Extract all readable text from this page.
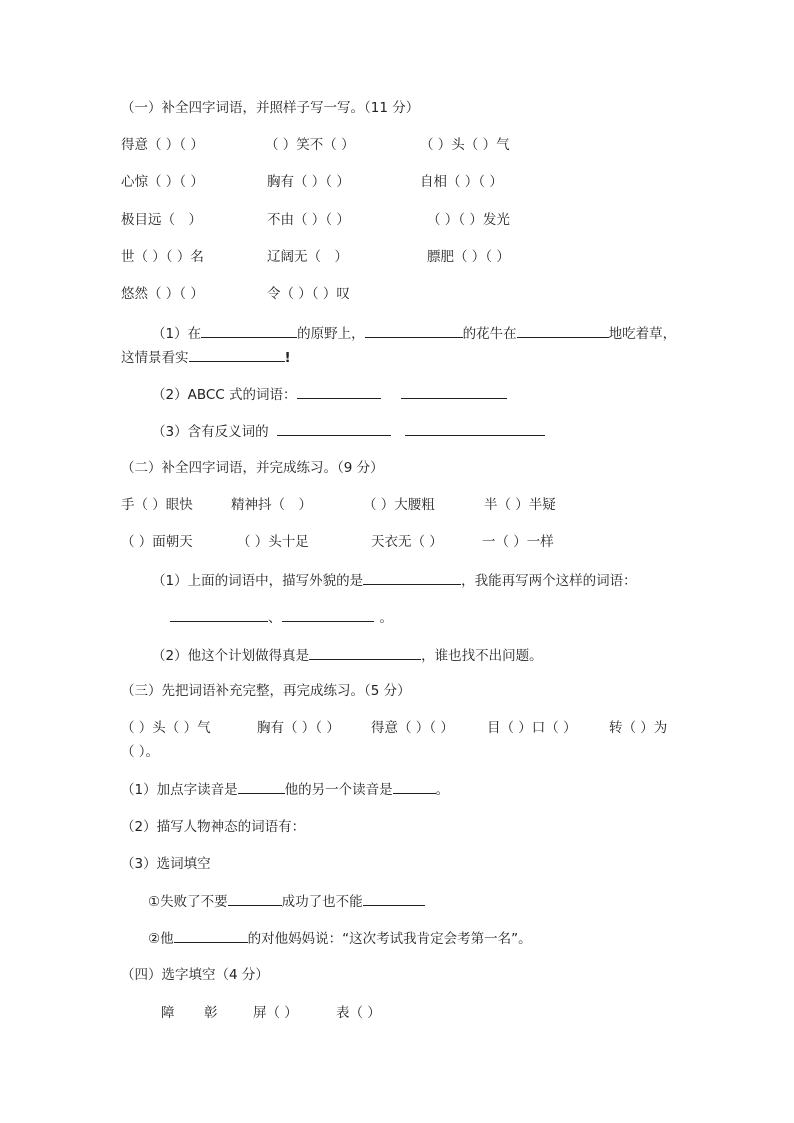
（一）补全四字词语，并照样子写一写。（11 分）
得意（ ）（ ）	（ ）笑不（ ）	（ ）头（ ）气
心惊（ ）（ ）	胸有（ ）（ ）	自相（ ）（ ）
极目远（　）	不由（ ）（ ）	（ ）（ ）发光
世（ ）（ ）名	辽阔无（　）	膘肥（ ）（ ）
悠然（ ）（ ）	令（ ）（ ）叹
（1）在	的原野上，	的花牛在	地吃着草，
这情景看实	!
（2）ABCC 式的词语：
（3）含有反义词的
（二）补全四字词语，并完成练习。（9 分）
手（ ）眼快	精神抖（　）	（ ）大腰粗	半（ ）半疑
（ ）面朝天	（ ）头十足	天衣无（ ）	一（ ）一样
（1）上面的词语中，描写外貌的是	，我能再写两个这样的词语：
、	。
（2）他这个计划做得真是	，谁也找不出问题。
（三）先把词语补充完整，再完成练习。（5 分）
（ ）头（ ）气	胸有（ ）（ ） 得意（ ）（ ） 目（ ）口（ ） 转（ ）为
（ ）。
（1）加点字读音是	他的另一个读音是	。
（2）描写人物神态的词语有：
（3）选词填空
①失败了不要	成功了也不能
②他	的对他妈妈说：“这次考试我肯定会考第一名”。
（四）选字填空（4 分）
障 彰	屏（ ）	表（ ）
